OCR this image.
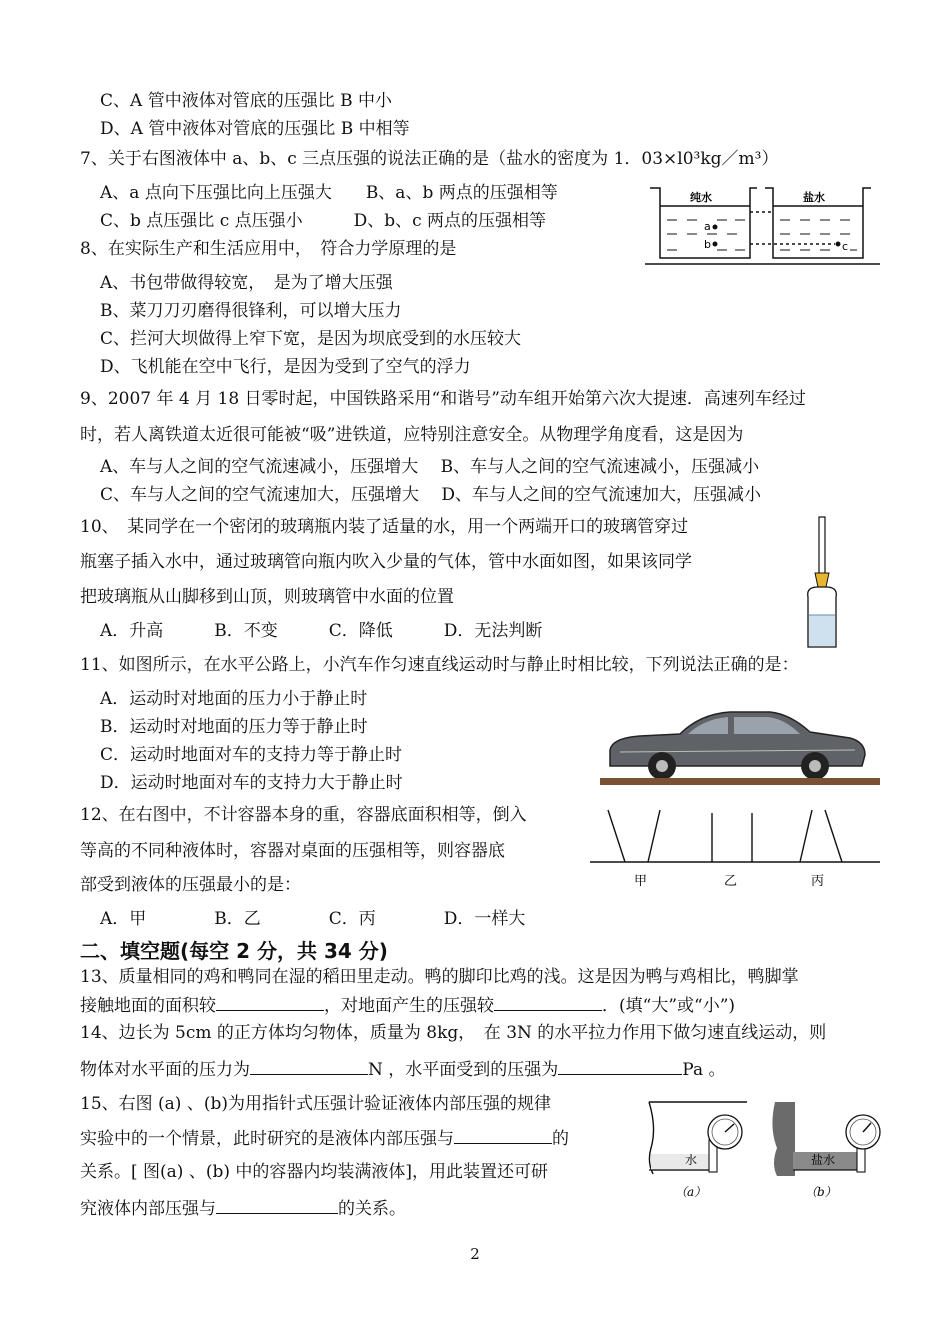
C、A 管中液体对管底的压强比 B 中小
D、A 管中液体对管底的压强比 B 中相等
7、关于右图液体中 a、b、c 三点压强的说法正确的是（盐水的密度为 1．03×l0³kg／m³）
A、a 点向下压强比向上压强大　　B、a、b 两点的压强相等
C、b 点压强比 c 点压强小　　　D、b、c 两点的压强相等
8、在实际生产和生活应用中，　符合力学原理的是
A、书包带做得较宽，　是为了增大压强
B、菜刀刀刃磨得很锋利，可以增大压力
C、拦河大坝做得上窄下宽，是因为坝底受到的水压较大
D、飞机能在空中飞行，是因为受到了空气的浮力
9、2007 年 4 月 18 日零时起，中国铁路采用“和谐号”动车组开始第六次大提速．高速列车经过
时，若人离铁道太近很可能被“吸”进铁道，应特别注意安全。从物理学角度看，这是因为
A、车与人之间的空气流速减小，压强增大　 B、车与人之间的空气流速减小，压强减小
C、车与人之间的空气流速加大，压强增大　 D、车与人之间的空气流速加大，压强减小
10、　某同学在一个密闭的玻璃瓶内装了适量的水，用一个两端开口的玻璃管穿过
瓶塞子插入水中，通过玻璃管向瓶内吹入少量的气体，管中水面如图，如果该同学
把玻璃瓶从山脚移到山顶，则玻璃管中水面的位置
A．升高　　　B．不变　　　C．降低　　　D．无法判断
11、如图所示，在水平公路上，小汽车作匀速直线运动时与静止时相比较，下列说法正确的是：
A．运动时对地面的压力小于静止时
B．运动时对地面的压力等于静止时
C．运动时地面对车的支持力等于静止时
D．运动时地面对车的支持力大于静止时
12、在右图中，不计容器本身的重，容器底面积相等，倒入
等高的不同种液体时，容器对桌面的压强相等，则容器底
部受到液体的压强最小的是：
A．甲　　　　B．乙　　　　C．丙　　　　D．一样大
二、填空题(每空 2 分，共 34 分)
13、质量相同的鸡和鸭同在湿的稻田里走动。鸭的脚印比鸡的浅。这是因为鸭与鸡相比，鸭脚掌
接触地面的面积较	，对地面产生的压强较	．(填“大”或“小”)
14、边长为 5cm 的正方体均匀物体，质量为 8kg，　在 3N 的水平拉力作用下做匀速直线运动，则
物体对水平面的压力为	N ，水平面受到的压强为	Pa 。
15、右图 (a) 、(b)为用指针式压强计验证液体内部压强的规律
实验中的一个情景，此时研究的是液体内部压强与	的
关系。[ 图(a) 、(b) 中的容器内均装满液体]，用此装置还可研
究液体内部压强与	的关系。
2
纯水	盐水
a
b	c
甲	乙	丙
水	盐水
（a）	（b）
